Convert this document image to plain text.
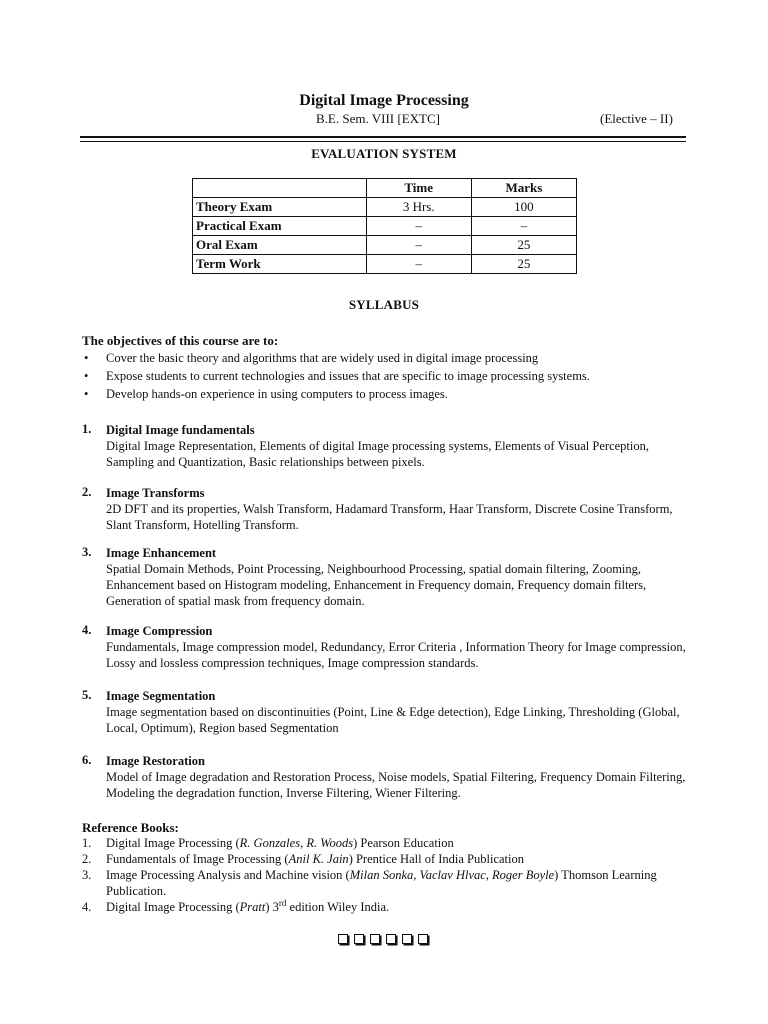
Digital Image Processing
B.E. Sem. VIII [EXTC]	(Elective – II)
EVALUATION SYSTEM
	Time	Marks
Theory Exam	3 Hrs.	100
Practical Exam	–	–
Oral Exam	–	25
Term Work	–	25
SYLLABUS
The objectives of this course are to:
• Cover the basic theory and algorithms that are widely used in digital image processing
• Expose students to current technologies and issues that are specific to image processing systems.
• Develop hands-on experience in using computers to process images.
1. Digital Image fundamentals
Digital Image Representation, Elements of digital Image processing systems, Elements of Visual Perception, Sampling and Quantization, Basic relationships between pixels.
2. Image Transforms
2D DFT and its properties, Walsh Transform, Hadamard Transform, Haar Transform, Discrete Cosine Transform, Slant Transform, Hotelling Transform.
3. Image Enhancement
Spatial Domain Methods, Point Processing, Neighbourhood Processing, spatial domain filtering, Zooming, Enhancement based on Histogram modeling, Enhancement in Frequency domain, Frequency domain filters, Generation of spatial mask from frequency domain.
4. Image Compression
Fundamentals, Image compression model, Redundancy, Error Criteria , Information Theory for Image compression, Lossy and lossless compression techniques, Image compression standards.
5. Image Segmentation
Image segmentation based on discontinuities (Point, Line & Edge detection), Edge Linking, Thresholding (Global, Local, Optimum), Region based Segmentation
6. Image Restoration
Model of Image degradation and Restoration Process, Noise models, Spatial Filtering, Frequency Domain Filtering, Modeling the degradation function, Inverse Filtering, Wiener Filtering.
Reference Books:
1. Digital Image Processing (R. Gonzales, R. Woods) Pearson Education
2. Fundamentals of Image Processing (Anil K. Jain) Prentice Hall of India Publication
3. Image Processing Analysis and Machine vision (Milan Sonka, Vaclav Hlvac, Roger Boyle) Thomson Learning Publication.
4. Digital Image Processing (Pratt) 3rd edition Wiley India.
